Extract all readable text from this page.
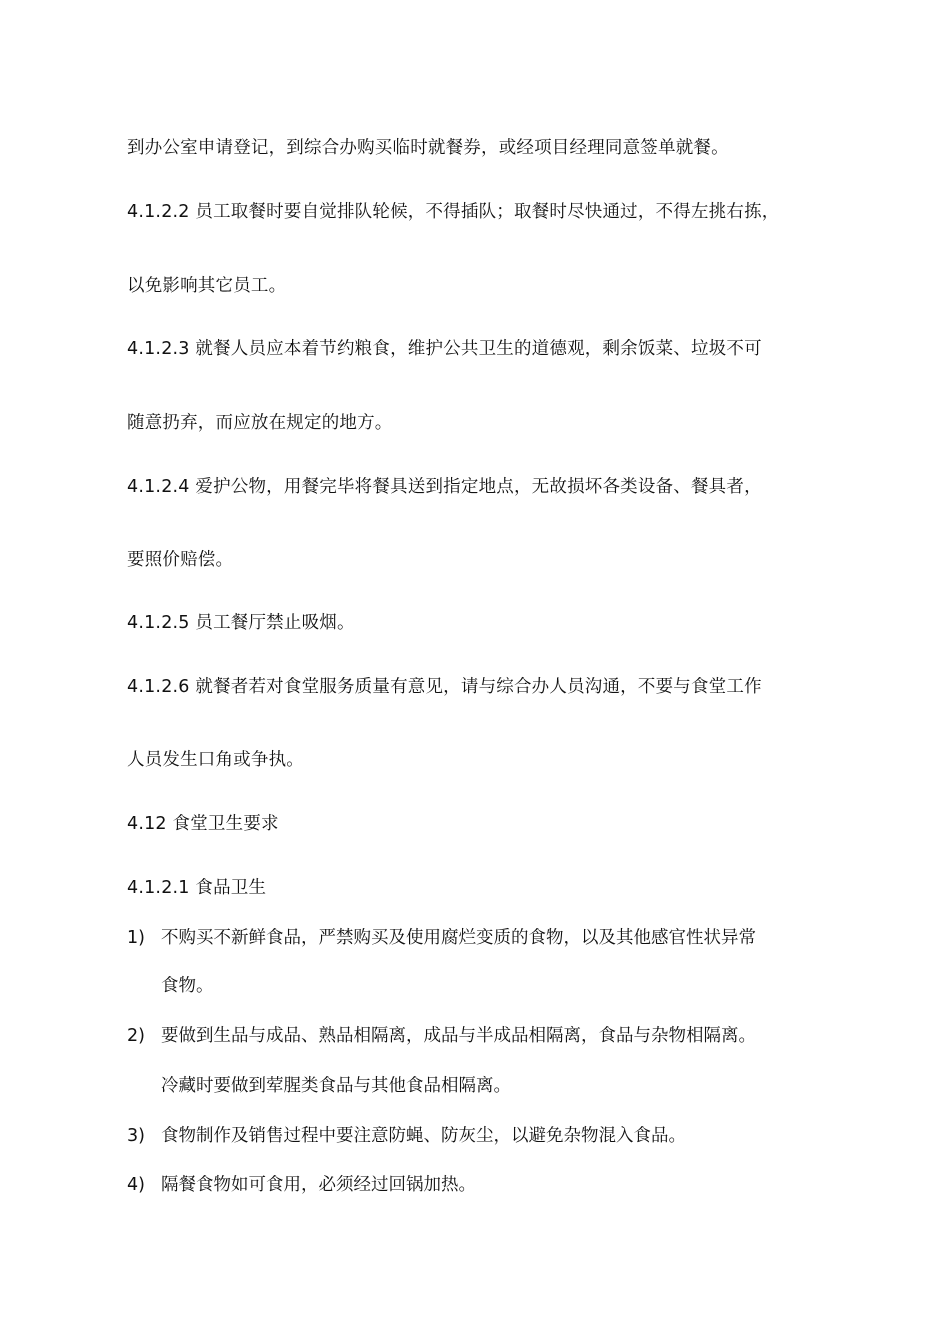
到办公室申请登记，到综合办购买临时就餐券，或经项目经理同意签单就餐。
4.1.2.2 员工取餐时要自觉排队轮候，不得插队；取餐时尽快通过，不得左挑右拣，
以免影响其它员工。
4.1.2.3 就餐人员应本着节约粮食，维护公共卫生的道德观，剩余饭菜、垃圾不可
随意扔弃，而应放在规定的地方。
4.1.2.4 爱护公物，用餐完毕将餐具送到指定地点，无故损坏各类设备、餐具者，
要照价赔偿。
4.1.2.5 员工餐厅禁止吸烟。
4.1.2.6 就餐者若对食堂服务质量有意见，请与综合办人员沟通，不要与食堂工作
人员发生口角或争执。
4.12 食堂卫生要求
4.1.2.1 食品卫生
1) 不购买不新鲜食品，严禁购买及使用腐烂变质的食物，以及其他感官性状异常
食物。
2) 要做到生品与成品、熟品相隔离，成品与半成品相隔离，食品与杂物相隔离。
冷藏时要做到荤腥类食品与其他食品相隔离。
3) 食物制作及销售过程中要注意防蝇、防灰尘，以避免杂物混入食品。
4) 隔餐食物如可食用，必须经过回锅加热。
